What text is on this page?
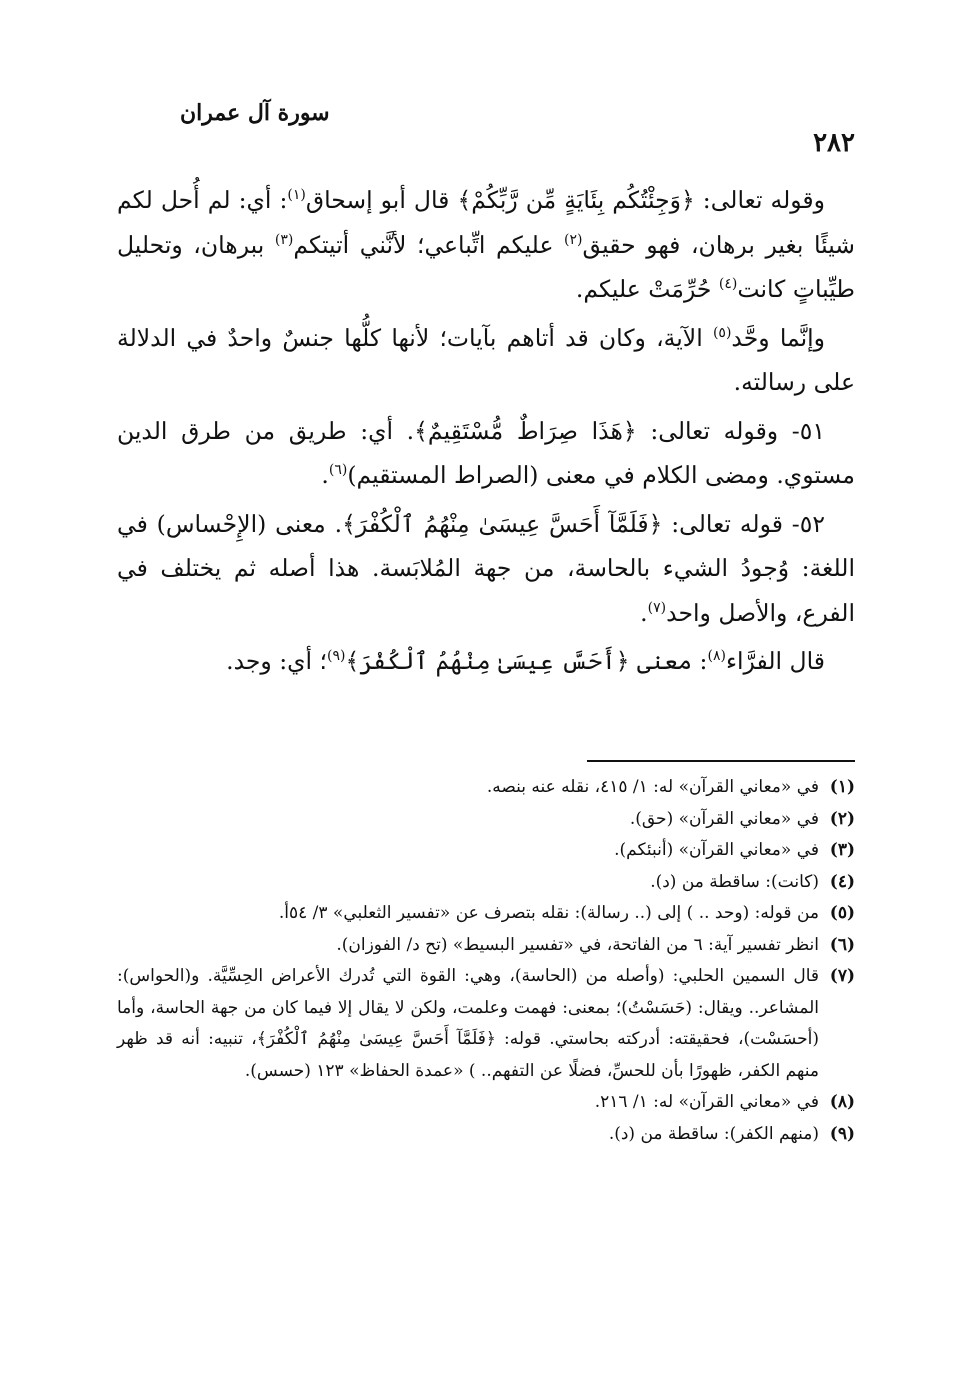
٢٨٢
سورة آل عمران

وقوله تعالى: ﴿وَجِئْتُكُم بِئَايَةٍ مِّن رَّبِّكُمْ﴾ قال أبو إسحاق$^{(١)}$: أي: لم أُحل لكم شيئًا بغير برهان، فهو حقيق$^{(٢)}$ عليكم اتِّباعي؛ لأنَّني أتيتكم$^{(٣)}$ ببرهان، وتحليل طيِّباتٍ كانت$^{(٤)}$ حُرِّمَتْ عليكم.

وإنَّما وحَّد$^{(٥)}$ الآية، وكان قد أتاهم بآيات؛ لأنها كلُّها جنسٌ واحدٌ في الدلالة على رسالته.

٥١- وقوله تعالى: ﴿هَذَا صِرَاطٌ مُّسْتَقِيمٌ﴾. أي: طريق من طرق الدين مستوي. ومضى الكلام في معنى (الصراط المستقيم)$^{(٦)}$.

٥٢- قوله تعالى: ﴿فَلَمَّآ أَحَسَّ عِيسَىٰ مِنْهُمُ ٱلْكُفْرَ﴾. معنى (الإِحْساس) في اللغة: وُجودُ الشيء بالحاسة، من جهة المُلابَسة. هذا أصله ثم يختلف في الفرع، والأصل واحد$^{(٧)}$.

قال الفرَّاء$^{(٨)}$: معنى ﴿أَحَسَّ عِيسَىٰ مِنْهُمُ ٱلْكُفْرَ﴾$^{(٩)}$؛ أي: وجد.

(١)
في «معاني القرآن» له: ١/ ٤١٥، نقله عنه بنصه.
(٢)
في «معاني القرآن» (حق).
(٣)
في «معاني القرآن» (أنبئكم).
(٤)
(كانت): ساقطة من (د).
(٥)
من قوله: (وحد .. ) إلى (.. رسالة): نقله بتصرف عن «تفسير الثعلبي» ٣/ ٥٤أ.
(٦)
انظر تفسير آية: ٦ من الفاتحة، في «تفسير البسيط» (تح د/ الفوزان).
(٧)
قال السمين الحلبي: (وأصله من (الحاسة)، وهي: القوة التي تُدرك الأعراض الحِسِّيَّة. و(الحواس): المشاعر.. ويقال: (حَسَسْتُ)؛ بمعنى: فهمت وعلمت، ولكن لا يقال إلا فيما كان من جهة الحاسة، وأما (أحسَسْت)، فحقيقته: أدركته بحاستي. قوله: ﴿فَلَمَّآ أَحَسَّ عِيسَىٰ مِنْهُمُ ٱلْكُفْرَ﴾، تنبيه: أنه قد ظهر منهم الكفر، ظهورًا بأن للحسِّ، فضلًا عن التفهم.. ) «عمدة الحفاظ» ١٢٣ (حسس).
(٨)
في «معاني القرآن» له: ١/ ٢١٦.
(٩)
(منهم الكفر): ساقطة من (د).
